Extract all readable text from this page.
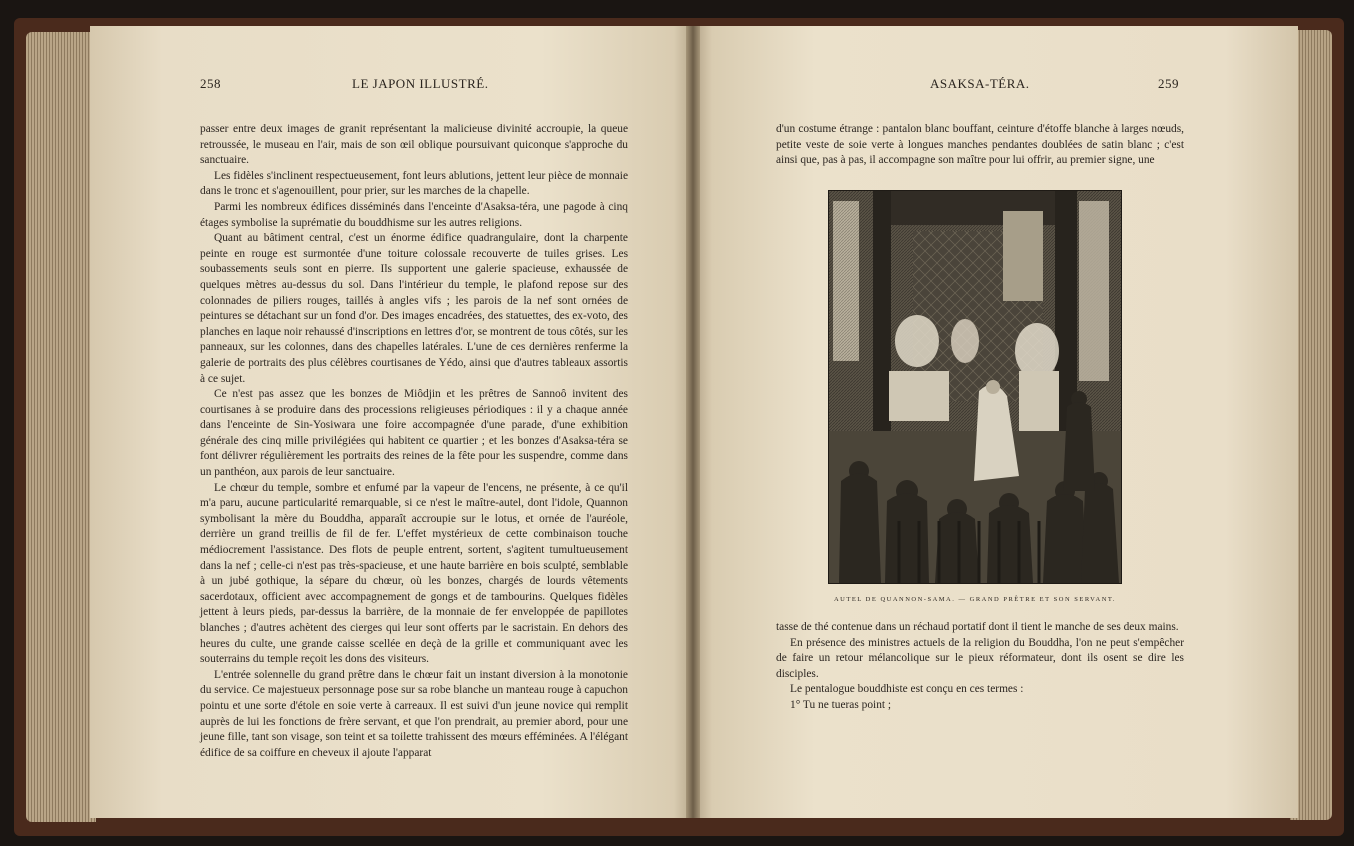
258	LE JAPON ILLUSTRÉ.

passer entre deux images de granit représentant la malicieuse divinité accroupie, la queue retroussée, le museau en l'air, mais de son œil oblique poursuivant quiconque s'approche du sanctuaire.

Les fidèles s'inclinent respectueusement, font leurs ablutions, jettent leur pièce de monnaie dans le tronc et s'agenouillent, pour prier, sur les marches de la chapelle.

Parmi les nombreux édifices disséminés dans l'enceinte d'Asaksa-téra, une pagode à cinq étages symbolise la suprématie du bouddhisme sur les autres religions.

Quant au bâtiment central, c'est un énorme édifice quadrangulaire, dont la charpente peinte en rouge est surmontée d'une toiture colossale recouverte de tuiles grises. Les soubassements seuls sont en pierre. Ils supportent une galerie spacieuse, exhaussée de quelques mètres au-dessus du sol. Dans l'intérieur du temple, le plafond repose sur des colonnades de piliers rouges, taillés à angles vifs ; les parois de la nef sont ornées de peintures se détachant sur un fond d'or. Des images encadrées, des statuettes, des ex-voto, des planches en laque noir rehaussé d'inscriptions en lettres d'or, se montrent de tous côtés, sur les panneaux, sur les colonnes, dans des chapelles latérales. L'une de ces dernières renferme la galerie de portraits des plus célèbres courtisanes de Yédo, ainsi que d'autres tableaux assortis à ce sujet.

Ce n'est pas assez que les bonzes de Miôdjin et les prêtres de Sannoô invitent des courtisanes à se produire dans des processions religieuses périodiques : il y a chaque année dans l'enceinte de Sin-Yosiwara une foire accompagnée d'une parade, d'une exhibition générale des cinq mille privilégiées qui habitent ce quartier ; et les bonzes d'Asaksa-téra se font délivrer régulièrement les portraits des reines de la fête pour les suspendre, comme dans un panthéon, aux parois de leur sanctuaire.

Le chœur du temple, sombre et enfumé par la vapeur de l'encens, ne présente, à ce qu'il m'a paru, aucune particularité remarquable, si ce n'est le maître-autel, dont l'idole, Quannon symbolisant la mère du Bouddha, apparaît accroupie sur le lotus, et ornée de l'auréole, derrière un grand treillis de fil de fer. L'effet mystérieux de cette combinaison touche médiocrement l'assistance. Des flots de peuple entrent, sortent, s'agitent tumultueusement dans la nef ; celle-ci n'est pas très-spacieuse, et une haute barrière en bois sculpté, semblable à un jubé gothique, la sépare du chœur, où les bonzes, chargés de lourds vêtements sacerdotaux, officient avec accompagnement de gongs et de tambourins. Quelques fidèles jettent à leurs pieds, par-dessus la barrière, de la monnaie de fer enveloppée de papillotes blanches ; d'autres achètent des cierges qui leur sont offerts par le sacristain. En dehors des heures du culte, une grande caisse scellée en deçà de la grille et communiquant avec les souterrains du temple reçoit les dons des visiteurs.

L'entrée solennelle du grand prêtre dans le chœur fait un instant diversion à la monotonie du service. Ce majestueux personnage pose sur sa robe blanche un manteau rouge à capuchon pointu et une sorte d'étole en soie verte à carreaux. Il est suivi d'un jeune novice qui remplit auprès de lui les fonctions de frère servant, et que l'on prendrait, au premier abord, pour une jeune fille, tant son visage, son teint et sa toilette trahissent des mœurs efféminées. A l'élégant édifice de sa coiffure en cheveux il ajoute l'apparat

ASAKSA-TÉRA.	259

d'un costume étrange : pantalon blanc bouffant, ceinture d'étoffe blanche à larges nœuds, petite veste de soie verte à longues manches pendantes doublées de satin blanc ; c'est ainsi que, pas à pas, il accompagne son maître pour lui offrir, au premier signe, une

AUTEL DE QUANNON-SAMA. — GRAND PRÊTRE ET SON SERVANT.

tasse de thé contenue dans un réchaud portatif dont il tient le manche de ses deux mains.

En présence des ministres actuels de la religion du Bouddha, l'on ne peut s'empêcher de faire un retour mélancolique sur le pieux réformateur, dont ils osent se dire les disciples.

Le pentalogue bouddhiste est conçu en ces termes :

1° Tu ne tueras point ;
